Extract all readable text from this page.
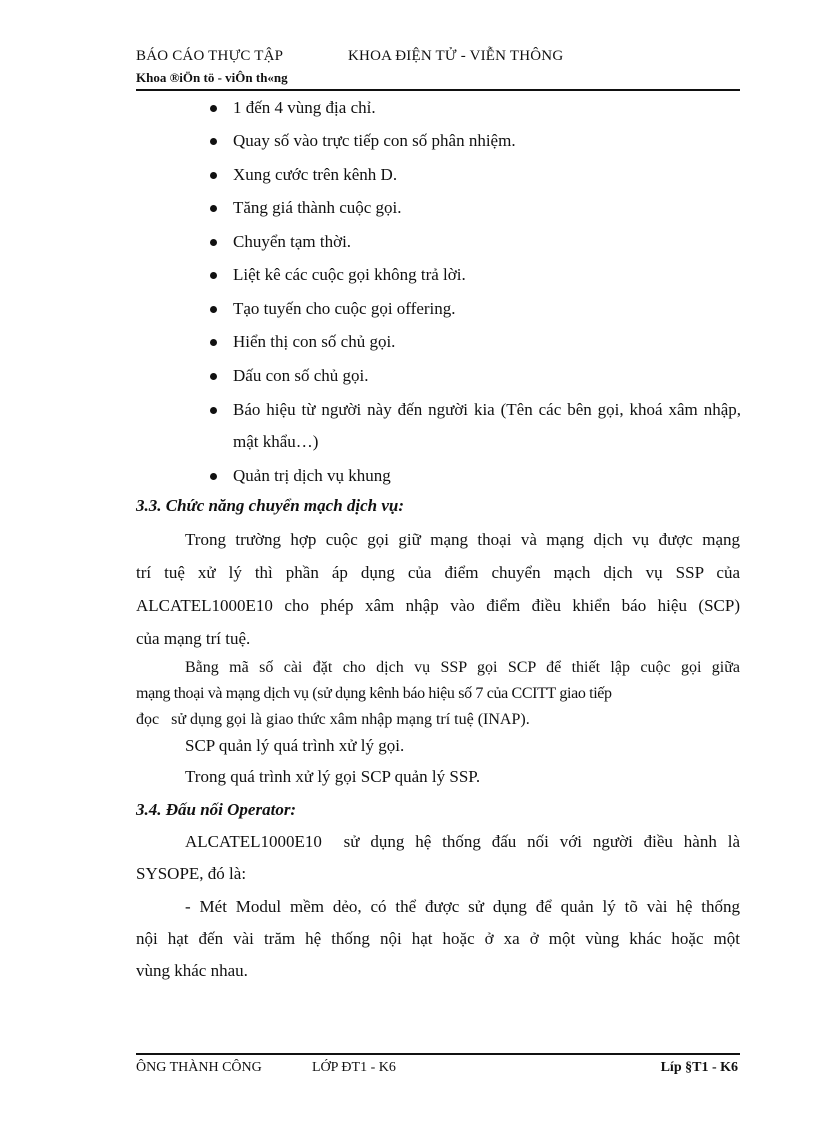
BÁO CÁO THỰC TẬP	KHOA ĐIỆN TỬ - VIỄN THÔNG
Khoa ®iÖn tö - viÔn th«ng
1 đến 4 vùng địa chỉ.
Quay số vào trực tiếp con số phân nhiệm.
Xung cước trên kênh D.
Tăng giá thành cuộc gọi.
Chuyển tạm thời.
Liệt kê các cuộc gọi không trả lời.
Tạo tuyến cho cuộc gọi offering.
Hiển thị con số chủ gọi.
Dấu con số chủ gọi.
Báo hiệu từ người này đến người kia (Tên các bên gọi, khoá xâm nhập, mật khẩu…)
Quản trị dịch vụ khung
3.3. Chức năng chuyển mạch dịch vụ:
Trong trường hợp cuộc gọi giữ mạng thoại và mạng dịch vụ được mạng
trí tuệ xử lý thì phần áp dụng của điểm chuyển mạch dịch vụ SSP của
ALCATEL1000E10 cho phép xâm nhập vào điểm điều khiển báo hiệu (SCP)
của mạng trí tuệ.
Bằng mã số cài đặt cho dịch vụ SSP gọi SCP để thiết lập cuộc gọi giữa
mạng thoại và mạng dịch vụ (sử dụng kênh báo hiệu số 7 của CCITT giao tiếp
đọc   sử dụng gọi là giao thức xâm nhập mạng trí tuệ (INAP).
SCP quản lý quá trình xử lý gọi.
Trong quá trình xử lý gọi SCP quản lý SSP.
3.4. Đấu nối Operator:
ALCATEL1000E10  sử dụng hệ thống đấu nối với người điều hành là
SYSOPE, đó là:
- Mét Modul mềm dẻo, có thể được sử dụng để quản lý tõ vài hệ thống
nội hạt đến vài trăm hệ thống nội hạt hoặc ở xa ở một vùng khác hoặc một
vùng khác nhau.
ÔNG THÀNH CÔNG	LỚP ĐT1 - K6	Líp §T1 - K6
